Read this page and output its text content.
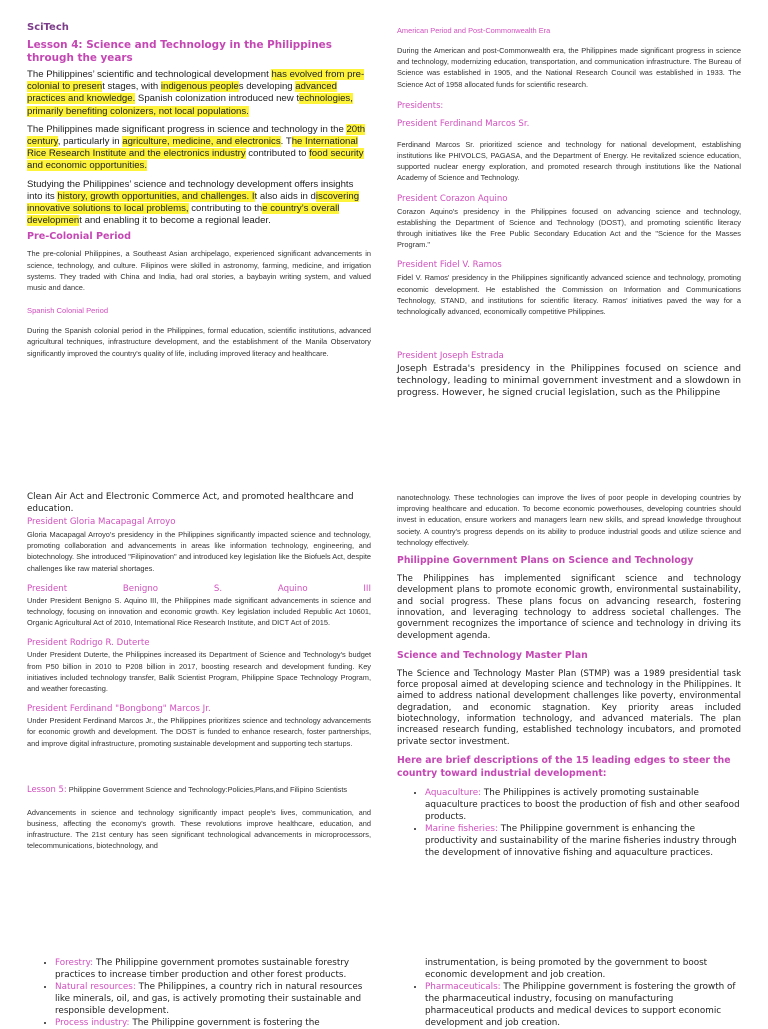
SciTech
Lesson 4: Science and Technology in the Philippines through the years

The Philippines’ scientific and technological development has evolved from pre-colonial to present stages, with indigenous peoples developing advanced practices and knowledge. Spanish colonization introduced new technologies, primarily benefiting colonizers, not local populations.

The Philippines made significant progress in science and technology in the 20th century, particularly in agriculture, medicine, and electronics. The International Rice Research Institute and the electronics industry contributed to food security and economic opportunities.

Studying the Philippines’ science and technology development offers insights into its history, growth opportunities, and challenges. It also aids in discovering innovative solutions to local problems, contributing to the country’s overall development and enabling it to become a regional leader.

Pre-Colonial Period

The pre-colonial Philippines, a Southeast Asian archipelago, experienced significant advancements in science, technology, and culture. Filipinos were skilled in astronomy, farming, medicine, and irrigation systems. They traded with China and India, had oral stories, a baybayin writing system, and valued music and dance.

Spanish Colonial Period

During the Spanish colonial period in the Philippines, formal education, scientific institutions, advanced agricultural techniques, infrastructure development, and the establishment of the Manila Observatory significantly improved the country's quality of life, including improved literacy and healthcare.

American Period and Post-Commonwealth Era

During the American and post-Commonwealth era, the Philippines made significant progress in science and technology, modernizing education, transportation, and communication infrastructure. The Bureau of Science was established in 1905, and the National Research Council was established in 1933. The Science Act of 1958 allocated funds for scientific research.

Presidents:
President Ferdinand Marcos Sr.

Ferdinand Marcos Sr. prioritized science and technology for national development, establishing institutions like PHIVOLCS, PAGASA, and the Department of Energy. He revitalized science education, supported nuclear energy exploration, and promoted research through institutions like the National Academy of Science and Technology.

President Corazon Aquino

Corazon Aquino's presidency in the Philippines focused on advancing science and technology, establishing the Department of Science and Technology (DOST), and promoting scientific literacy through initiatives like the Free Public Secondary Education Act and the "Science for the Masses Program."

President Fidel V. Ramos

Fidel V. Ramos' presidency in the Philippines significantly advanced science and technology, promoting economic development. He established the Commission on Information and Communications Technology, STAND, and institutions for scientific literacy. Ramos' initiatives paved the way for a technologically advanced, economically competitive Philippines.

President Joseph Estrada

Joseph Estrada's presidency in the Philippines focused on science and technology, leading to minimal government investment and a slowdown in progress. However, he signed crucial legislation, such as the Philippine

Clean Air Act and Electronic Commerce Act, and promoted healthcare and education.

President Gloria Macapagal Arroyo

Gloria Macapagal Arroyo's presidency in the Philippines significantly impacted science and technology, promoting collaboration and advancements in areas like information technology, engineering, and biotechnology. She introduced "Filipinovation" and introduced key legislation like the Biofuels Act, despite challenges like raw material shortages.

President	Benigno	S.	Aquino	III

Under President Benigno S. Aquino III, the Philippines made significant advancements in science and technology, focusing on innovation and economic growth. Key legislation included Republic Act 10601, Organic Agricultural Act of 2010, Intemational Rice Research Institute, and DICT Act of 2015.

President Rodrigo R. Duterte

Under President Duterte, the Philippines increased its Department of Science and Technology's budget from P50 billion in 2010 to P208 billion in 2017, boosting research and development funding. Key initiatives included technology transfer, Balik Scientist Program, Philippine Space Technology Program, and weather forecasting.

President Ferdinand "Bongbong" Marcos Jr.

Under President Ferdinand Marcos Jr., the Philippines prioritizes science and technology advancements for economic growth and development. The DOST is funded to enhance research, foster partnerships, and improve digital infrastructure, promoting sustainable development and supporting tech startups.

Lesson 5: Philippine Government Science and Technology:Policies,Plans,and Filipino Scientists

Advancements in science and technology significantly impact people's lives, communication, and business, affecting the economy's growth. These revolutions improve healthcare, education, and infrastructure. The 21st century has seen significant technological advancements in microprocessors, telecommunications, biotechnology, and

nanotechnology. These technologies can improve the lives of poor people in developing countries by improving healthcare and education. To become economic powerhouses, developing countries should invest in education, ensure workers and managers learn new skills, and spread knowledge throughout society. A country's progress depends on its ability to produce industrial goods and utilize science and technology effectively.

Philippine Government Plans on Science and Technology

The Philippines has implemented significant science and technology development plans to promote economic growth, environmental sustainability, and social progress. These plans focus on advancing research, fostering innovation, and leveraging technology to address societal challenges. The government recognizes the importance of science and technology in driving its development agenda.

Science and Technology Master Plan

The Science and Technology Master Plan (STMP) was a 1989 presidential task force proposal aimed at developing science and technology in the Philippines. It aimed to address national development challenges like poverty, environmental degradation, and economic stagnation. Key priority areas included biotechnology, information technology, and advanced materials. The plan increased research funding, established technology incubators, and promoted private sector investment.

Here are brief descriptions of the 15 leading edges to steer the country toward industrial development:
• Aquaculture: The Philippines is actively promoting sustainable aquaculture practices to boost the production of fish and other seafood products.
• Marine fisheries: The Philippine government is enhancing the productivity and sustainability of the marine fisheries industry through the development of innovative fishing and aquaculture practices.
• Forestry: The Philippine government promotes sustainable forestry practices to increase timber production and other forest products.
• Natural resources: The Philippines, a country rich in natural resources like minerals, oil, and gas, is actively promoting their sustainable and responsible development.
• Process industry: The Philippine government is fostering the

instrumentation, is being promoted by the government to boost economic development and job creation.

• Pharmaceuticals: The Philippine government is fostering the growth of the pharmaceutical industry, focusing on manufacturing pharmaceutical products and medical devices to support economic development and job creation.
